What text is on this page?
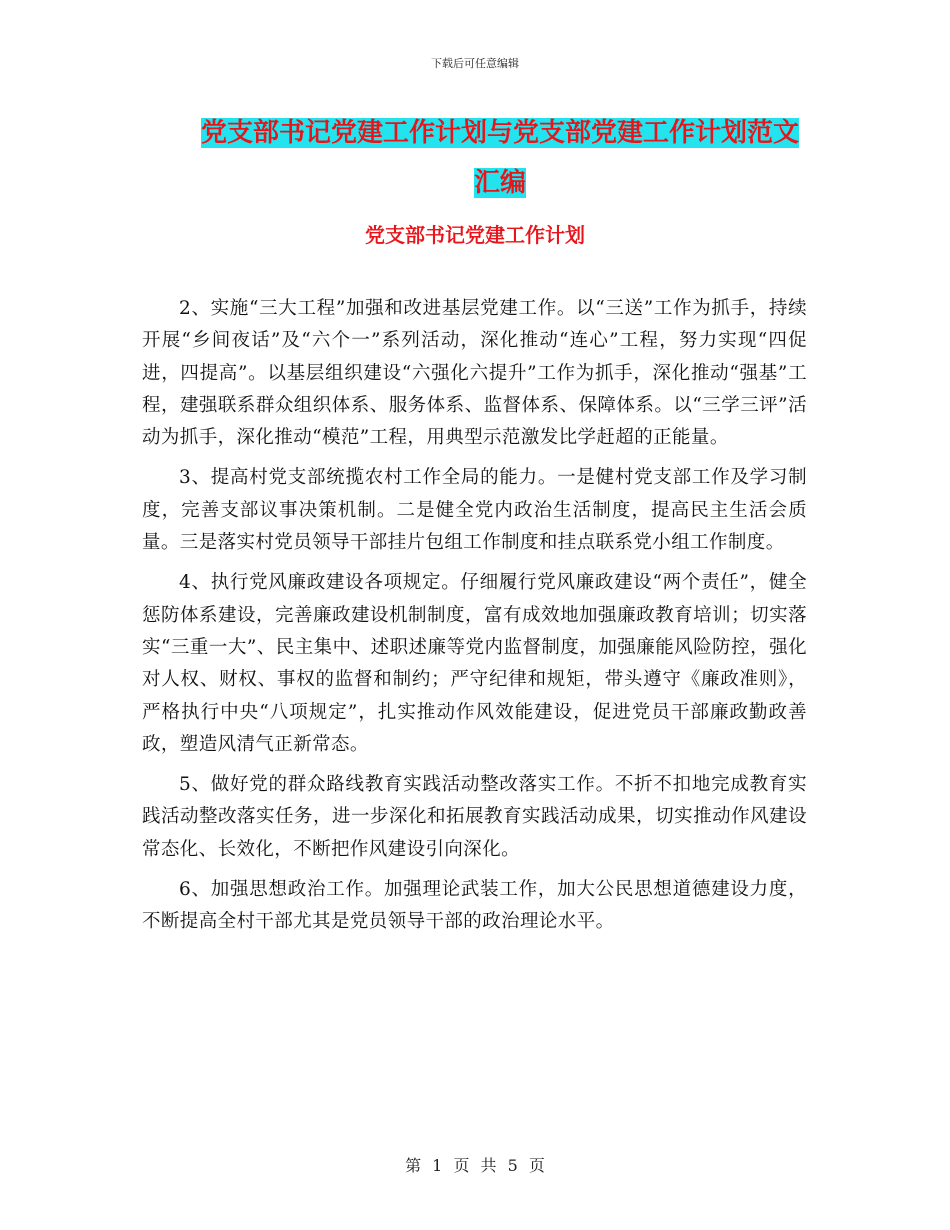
下载后可任意编辑
党支部书记党建工作计划与党支部党建工作计划范文
汇编
党支部书记党建工作计划

2、实施“三大工程”加强和改进基层党建工作。以“三送”工作为抓手，持续开展“乡间夜话”及“六个一”系列活动，深化推动“连心”工程，努力实现“四促进，四提高”。以基层组织建设“六强化六提升”工作为抓手，深化推动“强基”工程，建强联系群众组织体系、服务体系、监督体系、保障体系。以“三学三评”活动为抓手，深化推动“模范”工程，用典型示范激发比学赶超的正能量。

3、提高村党支部统揽农村工作全局的能力。一是健村党支部工作及学习制度，完善支部议事决策机制。二是健全党内政治生活制度，提高民主生活会质量。三是落实村党员领导干部挂片包组工作制度和挂点联系党小组工作制度。

4、执行党风廉政建设各项规定。仔细履行党风廉政建设“两个责任”，健全惩防体系建设，完善廉政建设机制制度，富有成效地加强廉政教育培训；切实落实“三重一大”、民主集中、述职述廉等党内监督制度，加强廉能风险防控，强化对人权、财权、事权的监督和制约；严守纪律和规矩，带头遵守《廉政准则》，严格执行中央“八项规定”，扎实推动作风效能建设，促进党员干部廉政勤政善政，塑造风清气正新常态。

5、做好党的群众路线教育实践活动整改落实工作。不折不扣地完成教育实践活动整改落实任务，进一步深化和拓展教育实践活动成果，切实推动作风建设常态化、长效化，不断把作风建设引向深化。

6、加强思想政治工作。加强理论武装工作，加大公民思想道德建设力度，不断提高全村干部尤其是党员领导干部的政治理论水平。

第 1 页 共 5 页
